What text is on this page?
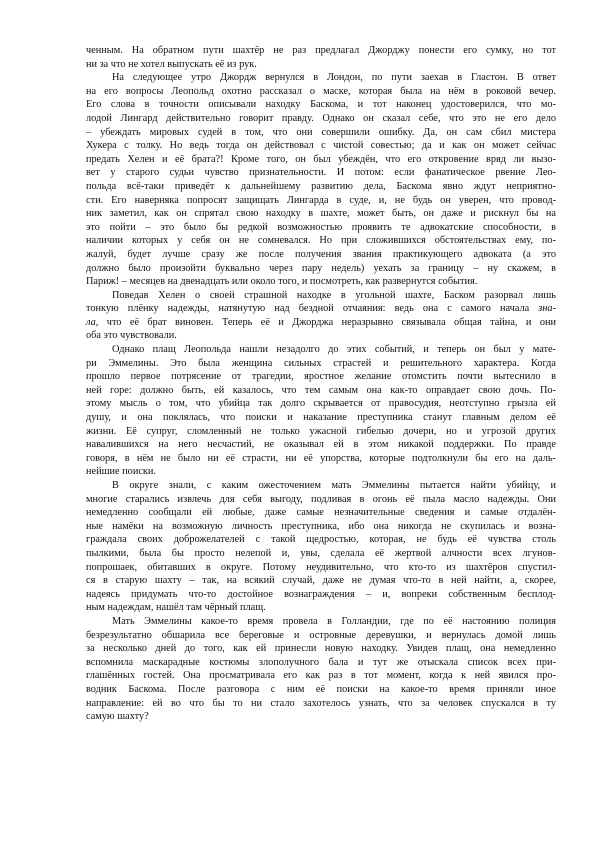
ченным. На обратном пути шахтёр не раз предлагал Джорджу понести его сумку, но тот
ни за что не хотел выпускать её из рук.
На следующее утро Джордж вернулся в Лондон, по пути заехав в Гластон. В ответ
на его вопросы Леопольд охотно рассказал о маске, которая была на нём в роковой вечер.
Его слова в точности описывали находку Баскома, и тот наконец удостоверился, что мо-
лодой Лингард действительно говорит правду. Однако он сказал себе, что это не его дело
– убеждать мировых судей в том, что они совершили ошибку. Да, он сам сбил мистера
Хукера с толку. Но ведь тогда он действовал с чистой совестью; да и как он может сейчас
предать Хелен и её брата?! Кроме того, он был убеждён, что его откровение вряд ли вызо-
вет у старого судьи чувство признательности. И потом: если фанатическое рвение Лео-
польда всё-таки приведёт к дальнейшему развитию дела, Баскома явно ждут неприятно-
сти. Его наверняка попросят защищать Лингарда в суде, и, не будь он уверен, что провод-
ник заметил, как он спрятал свою находку в шахте, может быть, он даже и рискнул бы на
это пойти – это было бы редкой возможностью проявить те адвокатские способности, в
наличии которых у себя он не сомневался. Но при сложившихся обстоятельствах ему, по-
жалуй, будет лучше сразу же после получения звания практикующего адвоката (а это
должно было произойти буквально через пару недель) уехать за границу – ну скажем, в
Париж! – месяцев на двенадцать или около того, и посмотреть, как развернутся события.
Поведав Хелен о своей страшной находке в угольной шахте, Баском разорвал лишь
тонкую плёнку надежды, натянутую над бездной отчаяния: ведь она с самого начала зна-
ла, что её брат виновен. Теперь её и Джорджа неразрывно связывала общая тайна, и они
оба это чувствовали.
Однако плащ Леопольда нашли незадолго до этих событий, и теперь он был у мате-
ри Эммелины. Это была женщина сильных страстей и решительного характера. Когда
прошло первое потрясение от трагедии, яростное желание отомстить почти вытеснило в
ней горе: должно быть, ей казалось, что тем самым она как-то оправдает свою дочь. По-
этому мысль о том, что убийца так долго скрывается от правосудия, неотступно грызла ей
душу, и она поклялась, что поиски и наказание преступника станут главным делом её
жизни. Её супруг, сломленный не только ужасной гибелью дочери, но и угрозой других
навалившихся на него несчастий, не оказывал ей в этом никакой поддержки. По правде
говоря, в нём не было ни её страсти, ни её упорства, которые подтолкнули бы его на даль-
нейшие поиски.
В округе знали, с каким ожесточением мать Эммелины пытается найти убийцу, и
многие старались извлечь для себя выгоду, подливая в огонь её пыла масло надежды. Они
немедленно сообщали ей любые, даже самые незначительные сведения и самые отдалён-
ные намёки на возможную личность преступника, ибо она никогда не скупилась и возна-
граждала своих доброжелателей с такой щедростью, которая, не будь её чувства столь
пылкими, была бы просто нелепой и, увы, сделала её жертвой алчности всех лгунов-
попрошаек, обитавших в округе. Потому неудивительно, что кто-то из шахтёров спустил-
ся в старую шахту – так, на всякий случай, даже не думая что-то в ней найти, а, скорее,
надеясь придумать что-то достойное вознаграждения – и, вопреки собственным бесплод-
ным надеждам, нашёл там чёрный плащ.
Мать Эммелины какое-то время провела в Голландии, где по её настоянию полиция
безрезультатно обшарила все береговые и островные деревушки, и вернулась домой лишь
за несколько дней до того, как ей принесли новую находку. Увидев плащ, она немедленно
вспомнила маскарадные костюмы злополучного бала и тут же отыскала список всех при-
глашённых гостей. Она просматривала его как раз в тот момент, когда к ней явился про-
водник Баскома. После разговора с ним её поиски на какое-то время приняли иное
направление: ей во что бы то ни стало захотелось узнать, что за человек спускался в ту
самую шахту?
